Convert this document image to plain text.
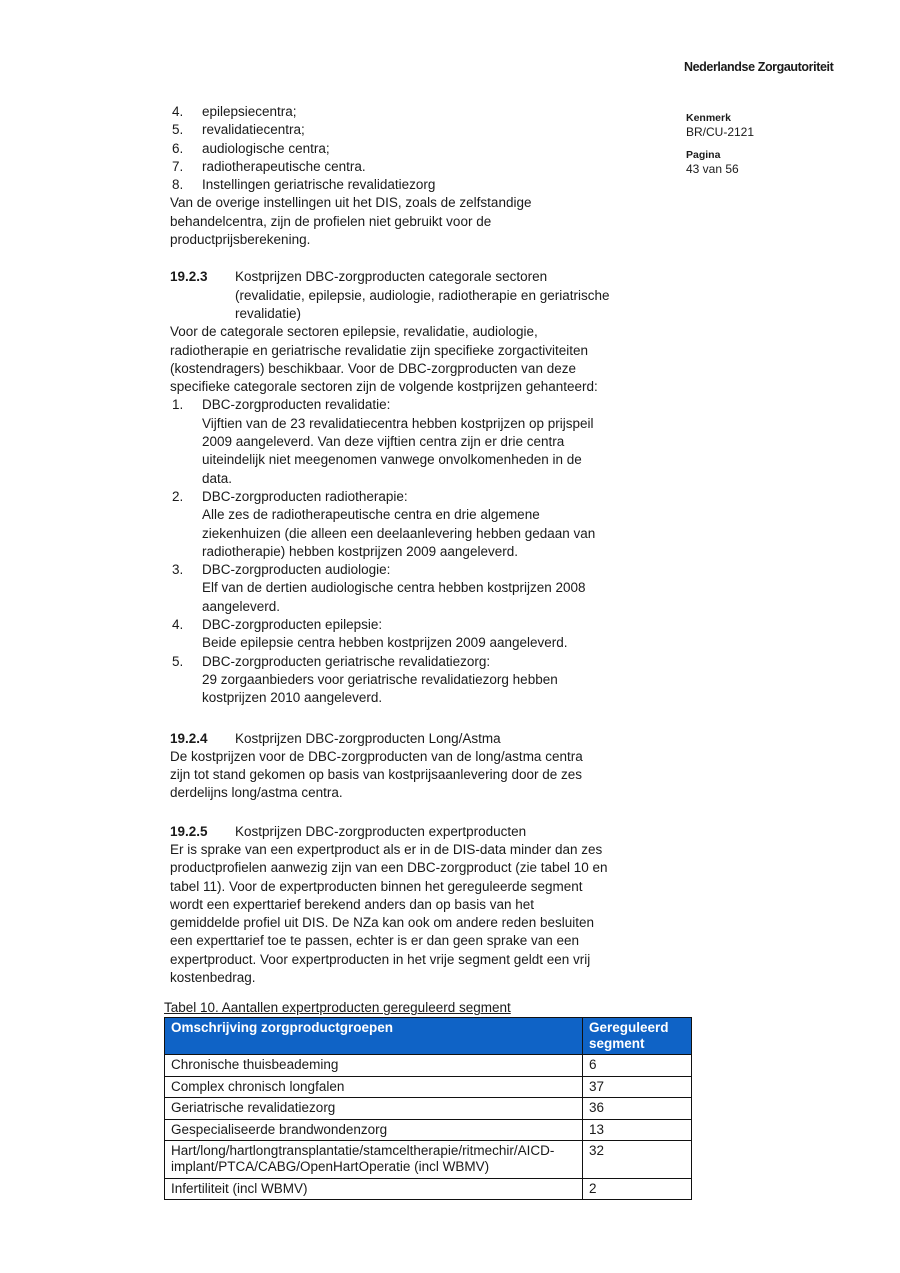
Nederlandse Zorgautoriteit
Kenmerk
BR/CU-2121
Pagina
43 van 56
4.	epilepsiecentra;
5.	revalidatiecentra;
6.	audiologische centra;
7.	radiotherapeutische centra.
8.	Instellingen geriatrische revalidatiezorg
Van de overige instellingen uit het DIS, zoals de zelfstandige
behandelcentra, zijn de profielen niet gebruikt voor de
productprijsberekening.
19.2.3	Kostprijzen DBC-zorgproducten categorale sectoren
(revalidatie, epilepsie, audiologie, radiotherapie en geriatrische
revalidatie)
Voor de categorale sectoren epilepsie, revalidatie, audiologie,
radiotherapie en geriatrische revalidatie zijn specifieke zorgactiviteiten
(kostendragers) beschikbaar. Voor de DBC-zorgproducten van deze
specifieke categorale sectoren zijn de volgende kostprijzen gehanteerd:
1.	DBC-zorgproducten revalidatie:
Vijftien van de 23 revalidatiecentra hebben kostprijzen op prijspeil
2009 aangeleverd. Van deze vijftien centra zijn er drie centra
uiteindelijk niet meegenomen vanwege onvolkomenheden in de
data.
2.	DBC-zorgproducten radiotherapie:
Alle zes de radiotherapeutische centra en drie algemene
ziekenhuizen (die alleen een deelaanlevering hebben gedaan van
radiotherapie) hebben kostprijzen 2009 aangeleverd.
3.	DBC-zorgproducten audiologie:
Elf van de dertien audiologische centra hebben kostprijzen 2008
aangeleverd.
4.	DBC-zorgproducten epilepsie:
Beide epilepsie centra hebben kostprijzen 2009 aangeleverd.
5.	DBC-zorgproducten geriatrische revalidatiezorg:
29 zorgaanbieders voor geriatrische revalidatiezorg hebben
kostprijzen 2010 aangeleverd.
19.2.4	Kostprijzen DBC-zorgproducten Long/Astma
De kostprijzen voor de DBC-zorgproducten van de long/astma centra
zijn tot stand gekomen op basis van kostprijsaanlevering door de zes
derdelijns long/astma centra.
19.2.5	Kostprijzen DBC-zorgproducten expertproducten
Er is sprake van een expertproduct als er in de DIS-data minder dan zes
productprofielen aanwezig zijn van een DBC-zorgproduct (zie tabel 10 en
tabel 11). Voor de expertproducten binnen het gereguleerde segment
wordt een experttarief berekend anders dan op basis van het
gemiddelde profiel uit DIS. De NZa kan ook om andere reden besluiten
een experttarief toe te passen, echter is er dan geen sprake van een
expertproduct. Voor expertproducten in het vrije segment geldt een vrij
kostenbedrag.
Tabel 10. Aantallen expertproducten gereguleerd segment
Omschrijving zorgproductgroepen	Gereguleerd segment
Chronische thuisbeademing	6
Complex chronisch longfalen	37
Geriatrische revalidatiezorg	36
Gespecialiseerde brandwondenzorg	13
Hart/long/hartlongtransplantatie/stamceltherapie/ritmechir/AICD-implant/PTCA/CABG/OpenHartOperatie (incl WBMV)	32
Infertiliteit (incl WBMV)	2
